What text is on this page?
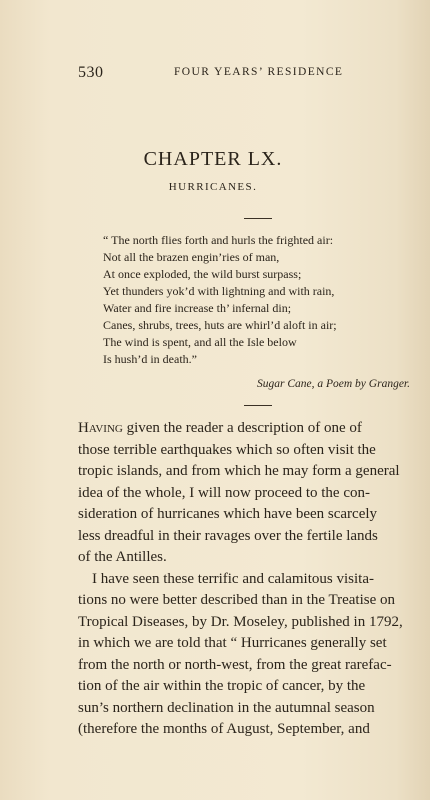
530	FOUR YEARS’ RESIDENCE
CHAPTER LX.
HURRICANES.
“ The north flies forth and hurls the frighted air:
Not all the brazen engin’ries of man,
At once exploded, the wild burst surpass;
Yet thunders yok’d with lightning and with rain,
Water and fire increase th’ infernal din;
Canes, shrubs, trees, huts are whirl’d aloft in air;
The wind is spent, and all the Isle below
Is hush’d in death.”
Sugar Cane, a Poem by Granger.
Having given the reader a description of one of
those terrible earthquakes which so often visit the
tropic islands, and from which he may form a general
idea of the whole, I will now proceed to the con-
sideration of hurricanes which have been scarcely
less dreadful in their ravages over the fertile lands
of the Antilles.
I have seen these terrific and calamitous visita-
tions no were better described than in the Treatise on
Tropical Diseases, by Dr. Moseley, published in 1792,
in which we are told that “ Hurricanes generally set
from the north or north-west, from the great rarefac-
tion of the air within the tropic of cancer, by the
sun’s northern declination in the autumnal season
(therefore the months of August, September, and
